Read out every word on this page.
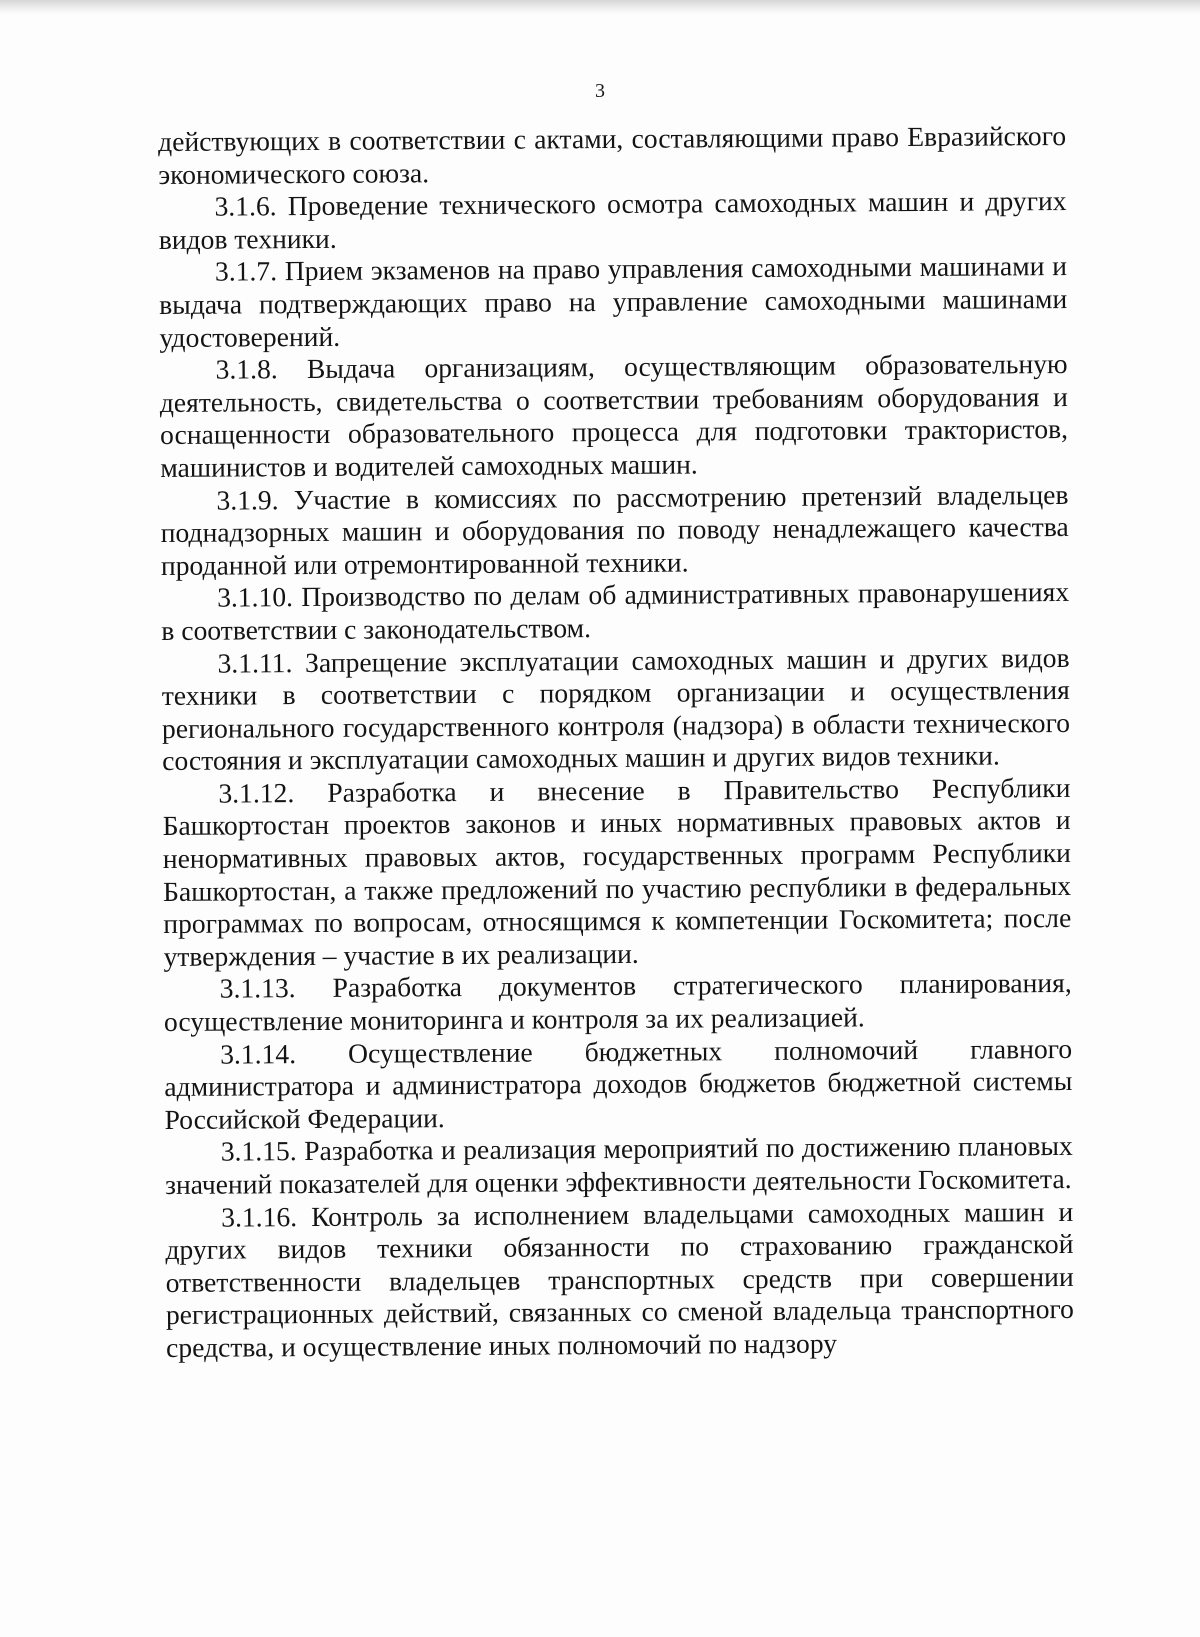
3

действующих в соответствии с актами, составляющими право Евразийского экономического союза.

3.1.6. Проведение технического осмотра самоходных машин и других видов техники.

3.1.7. Прием экзаменов на право управления самоходными машинами и выдача подтверждающих право на управление самоходными машинами удостоверений.

3.1.8. Выдача организациям, осуществляющим образовательную деятельность, свидетельства о соответствии требованиям оборудования и оснащенности образовательного процесса для подготовки трактористов, машинистов и водителей самоходных машин.

3.1.9. Участие в комиссиях по рассмотрению претензий владельцев поднадзорных машин и оборудования по поводу ненадлежащего качества проданной или отремонтированной техники.

3.1.10. Производство по делам об административных правонарушениях в соответствии с законодательством.

3.1.11. Запрещение эксплуатации самоходных машин и других видов техники в соответствии с порядком организации и осуществления регионального государственного контроля (надзора) в области технического состояния и эксплуатации самоходных машин и других видов техники.

3.1.12. Разработка и внесение в Правительство Республики Башкортостан проектов законов и иных нормативных правовых актов и ненормативных правовых актов, государственных программ Республики Башкортостан, а также предложений по участию республики в федеральных программах по вопросам, относящимся к компетенции Госкомитета; после утверждения – участие в их реализации.

3.1.13. Разработка документов стратегического планирования, осуществление мониторинга и контроля за их реализацией.

3.1.14. Осуществление бюджетных полномочий главного администратора и администратора доходов бюджетов бюджетной системы Российской Федерации.

3.1.15. Разработка и реализация мероприятий по достижению плановых значений показателей для оценки эффективности деятельности Госкомитета.

3.1.16. Контроль за исполнением владельцами самоходных машин и других видов техники обязанности по страхованию гражданской ответственности владельцев транспортных средств при совершении регистрационных действий, связанных со сменой владельца транспортного средства, и осуществление иных полномочий по надзору
